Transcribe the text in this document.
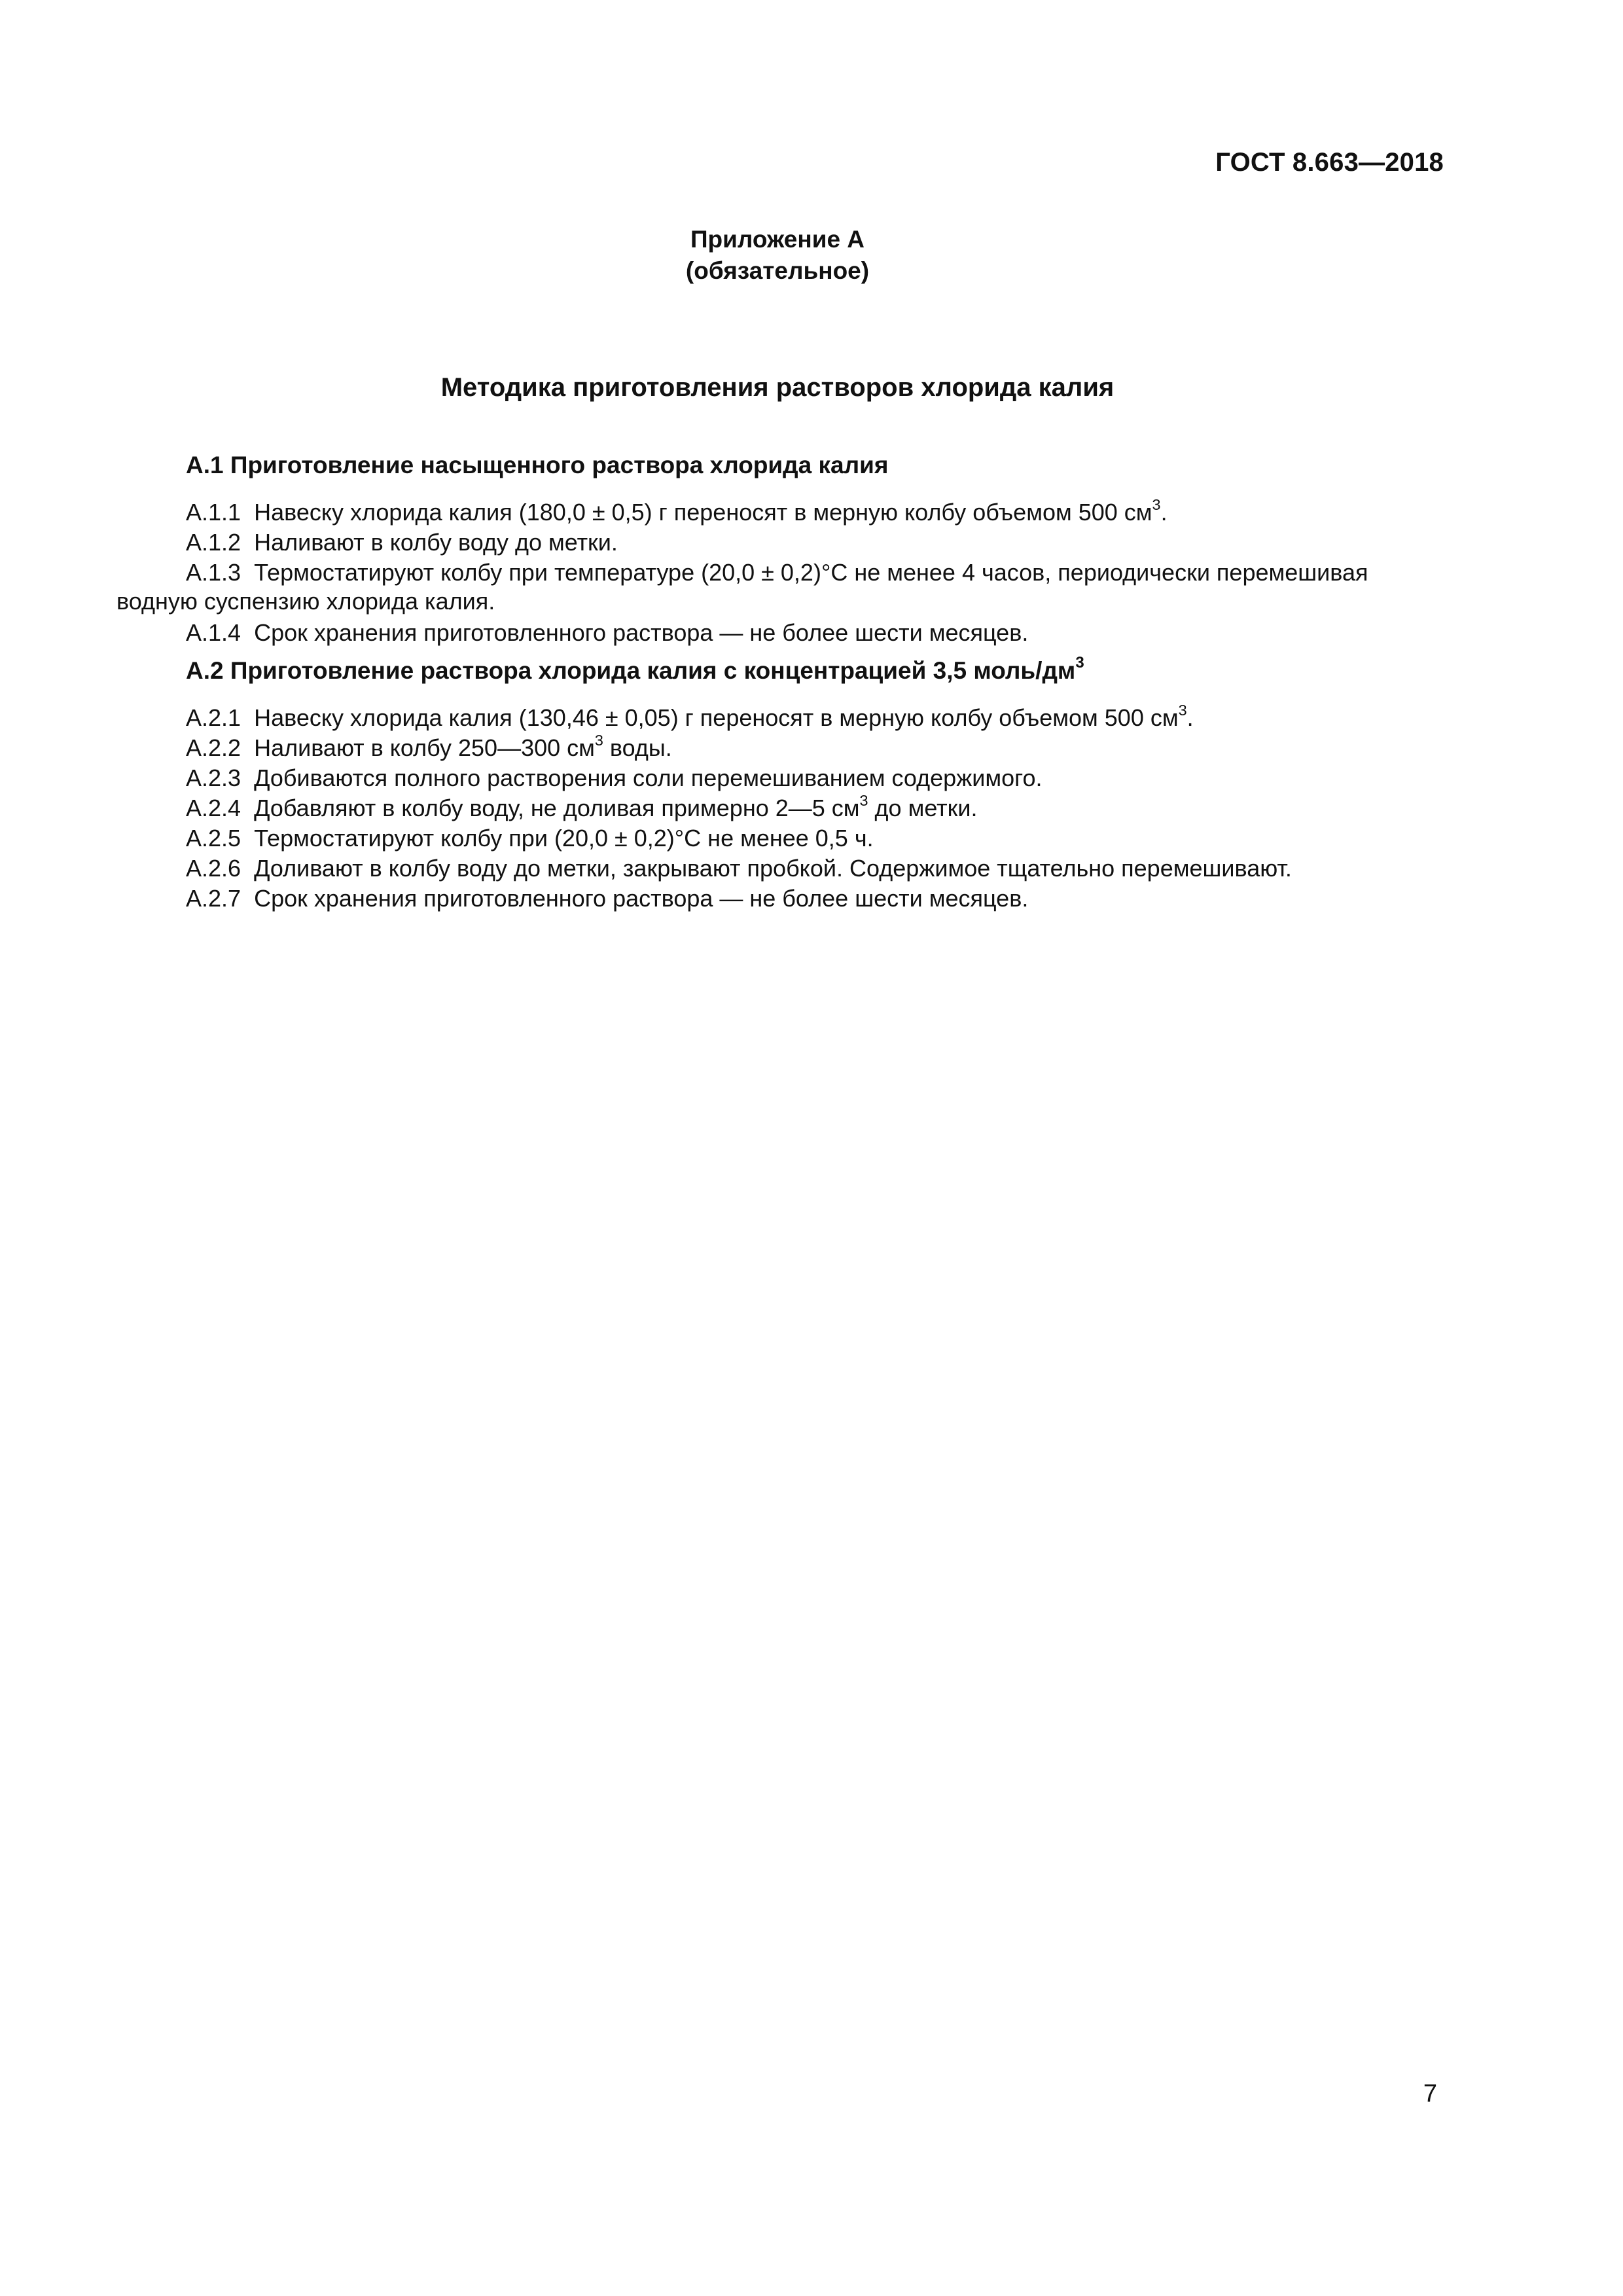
ГОСТ 8.663—2018
Приложение А
(обязательное)
Методика приготовления растворов хлорида калия
А.1 Приготовление насыщенного раствора хлорида калия
А.1.1 Навеску хлорида калия (180,0 ± 0,5) г переносят в мерную колбу объемом 500 $см^3$.
А.1.2 Наливают в колбу воду до метки.
А.1.3 Термостатируют колбу при температуре (20,0 ± 0,2)°С не менее 4 часов, периодически перемешивая
водную суспензию хлорида калия.
А.1.4 Срок хранения приготовленного раствора — не более шести месяцев.
А.2 Приготовление раствора хлорида калия с концентрацией 3,5 моль/$дм^3$
А.2.1 Навеску хлорида калия (130,46 ± 0,05) г переносят в мерную колбу объемом 500 $см^3$.
А.2.2 Наливают в колбу 250—300 $см^3$ воды.
А.2.3 Добиваются полного растворения соли перемешиванием содержимого.
А.2.4 Добавляют в колбу воду, не доливая примерно 2—5 $см^3$ до метки.
А.2.5 Термостатируют колбу при (20,0 ± 0,2)°С не менее 0,5 ч.
А.2.6 Доливают в колбу воду до метки, закрывают пробкой. Содержимое тщательно перемешивают.
А.2.7 Срок хранения приготовленного раствора — не более шести месяцев.
7
